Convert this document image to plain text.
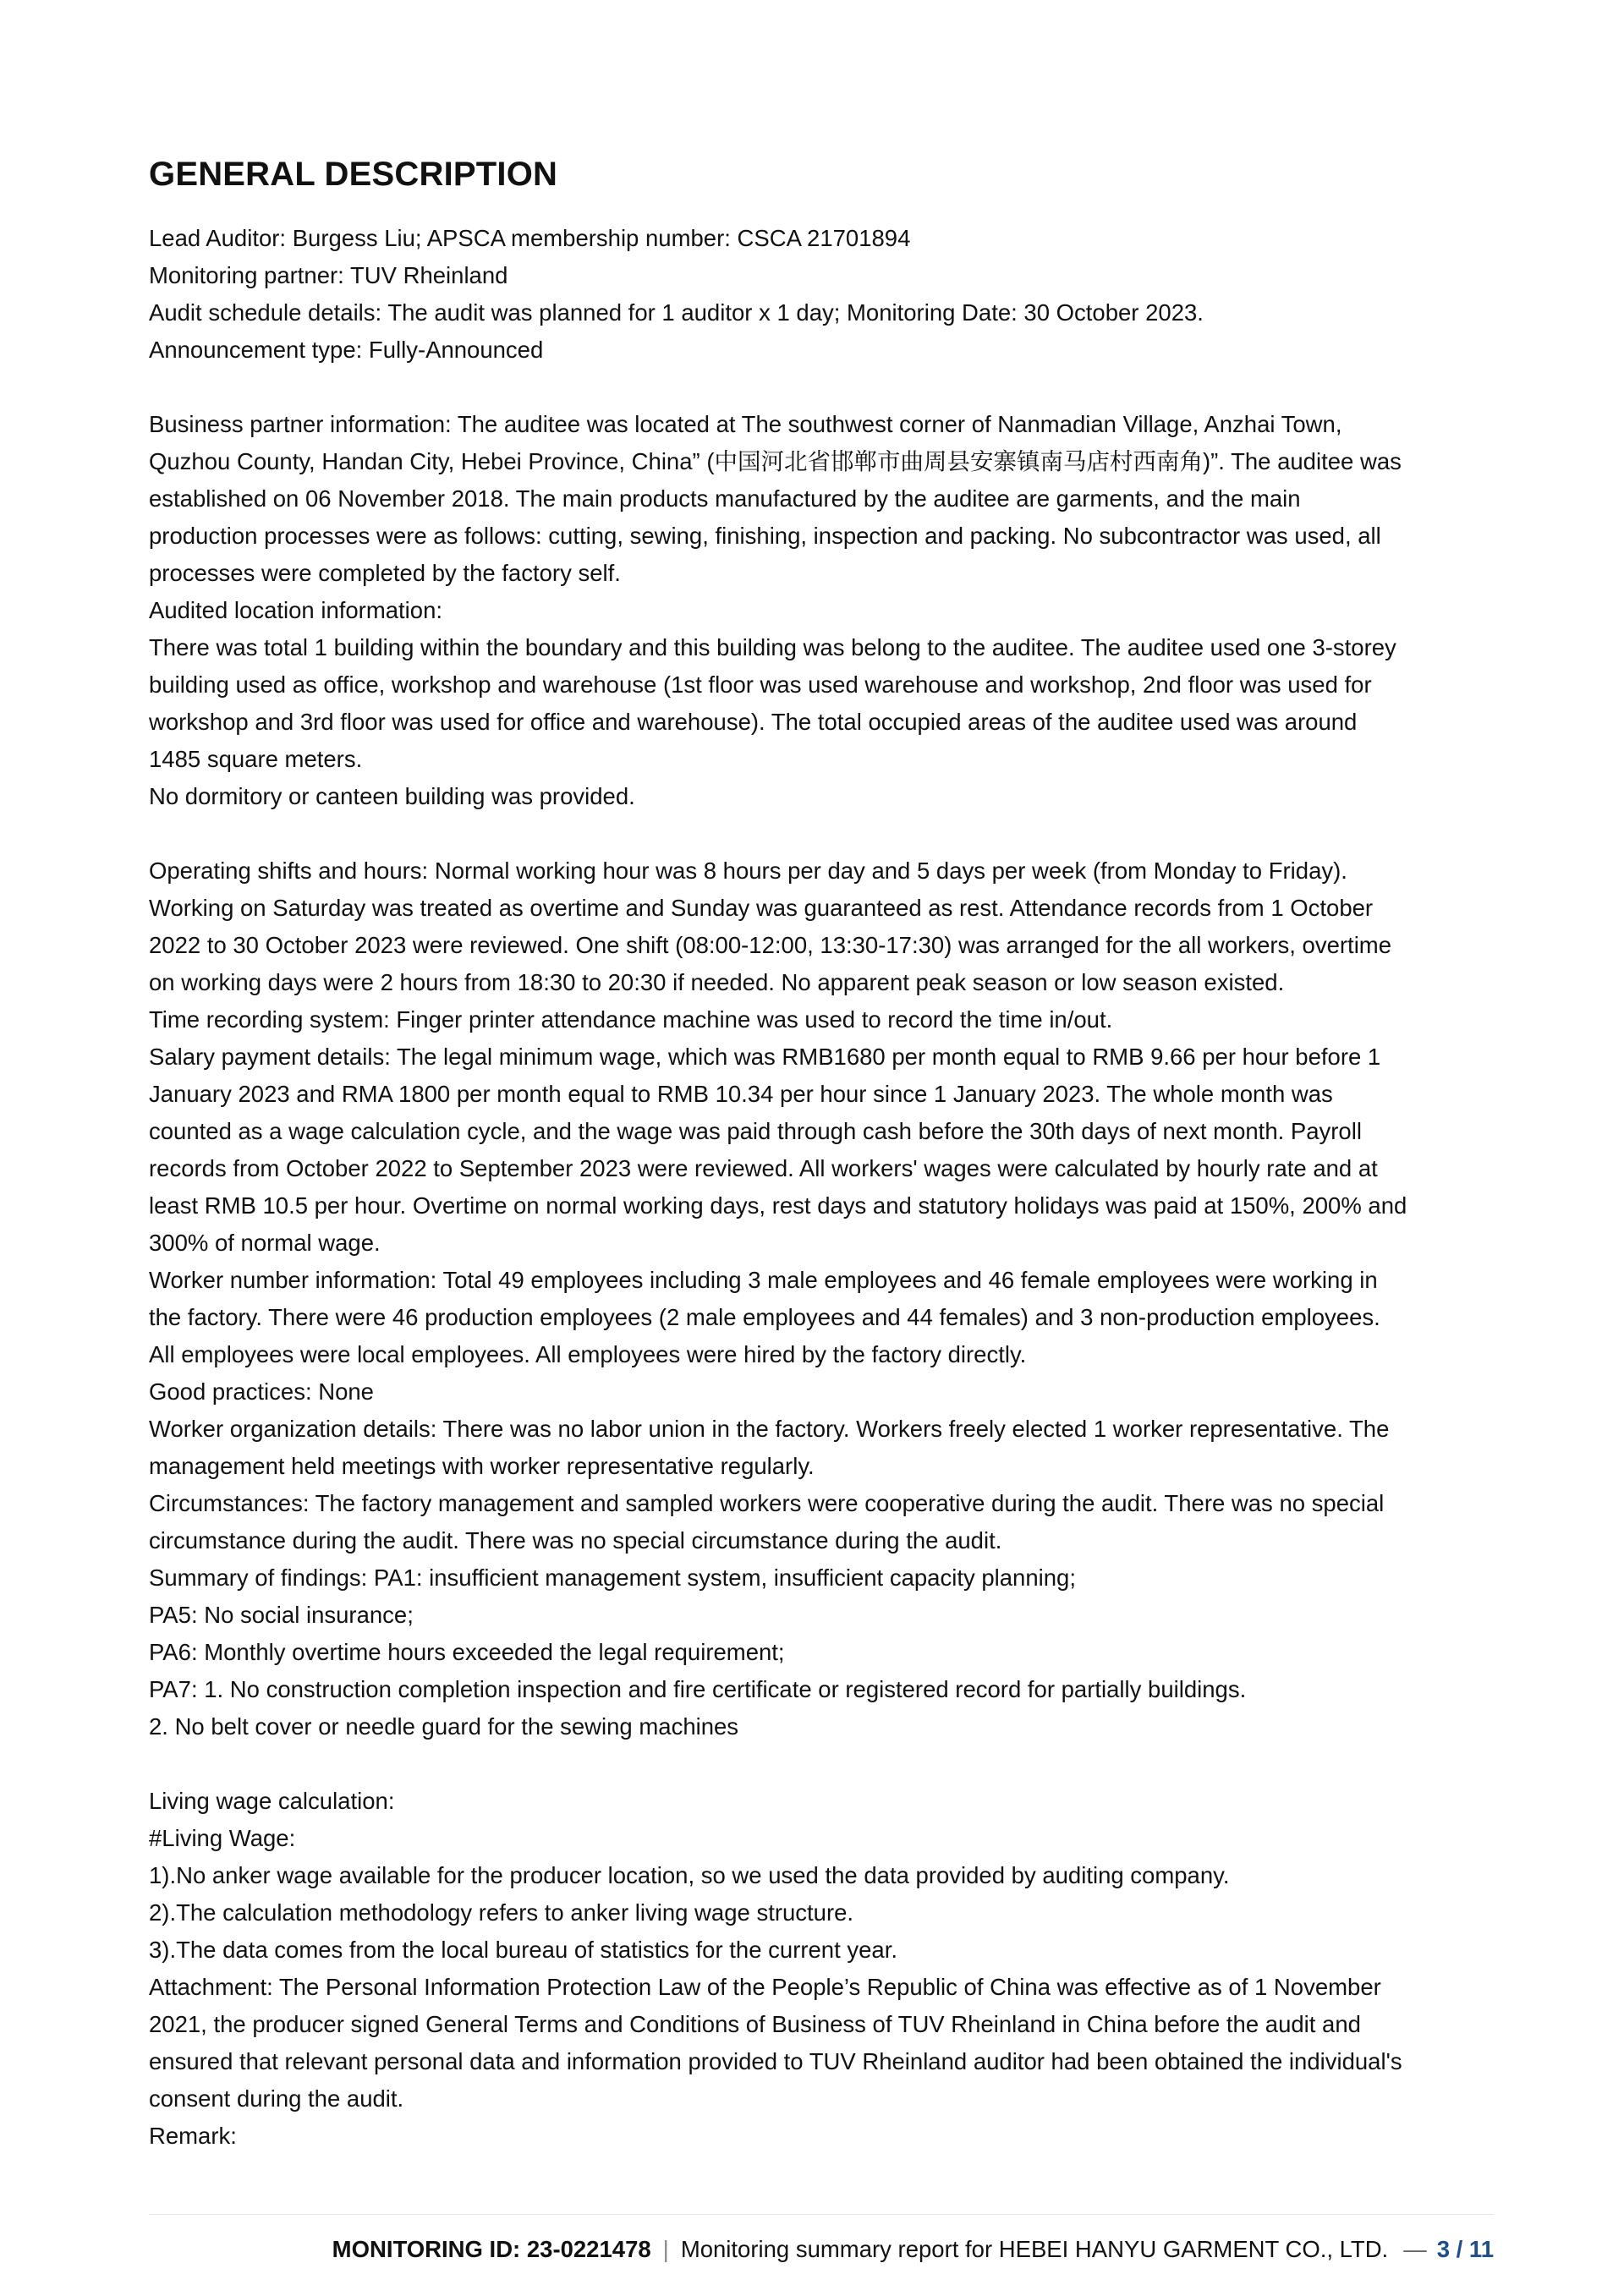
GENERAL DESCRIPTION
Lead Auditor: Burgess Liu; APSCA membership number: CSCA 21701894
Monitoring partner: TUV Rheinland
Audit schedule details: The audit was planned for 1 auditor x 1 day; Monitoring Date: 30 October 2023.
Announcement type: Fully-Announced
Business partner information: The auditee was located at The southwest corner of Nanmadian Village, Anzhai Town,
Quzhou County, Handan City, Hebei Province, China” (中国河北省邯郸市曲周县安寨镇南马店村西南角)”. The auditee was
established on 06 November 2018. The main products manufactured by the auditee are garments, and the main
production processes were as follows: cutting, sewing, finishing, inspection and packing. No subcontractor was used, all
processes were completed by the factory self.
Audited location information:
There was total 1 building within the boundary and this building was belong to the auditee. The auditee used one 3-storey
building used as office, workshop and warehouse (1st floor was used warehouse and workshop, 2nd floor was used for
workshop and 3rd floor was used for office and warehouse). The total occupied areas of the auditee used was around
1485 square meters.
No dormitory or canteen building was provided.
Operating shifts and hours: Normal working hour was 8 hours per day and 5 days per week (from Monday to Friday).
Working on Saturday was treated as overtime and Sunday was guaranteed as rest. Attendance records from 1 October
2022 to 30 October 2023 were reviewed. One shift (08:00-12:00, 13:30-17:30) was arranged for the all workers, overtime
on working days were 2 hours from 18:30 to 20:30 if needed. No apparent peak season or low season existed.
Time recording system: Finger printer attendance machine was used to record the time in/out.
Salary payment details: The legal minimum wage, which was RMB1680 per month equal to RMB 9.66 per hour before 1
January 2023 and RMA 1800 per month equal to RMB 10.34 per hour since 1 January 2023. The whole month was
counted as a wage calculation cycle, and the wage was paid through cash before the 30th days of next month. Payroll
records from October 2022 to September 2023 were reviewed. All workers' wages were calculated by hourly rate and at
least RMB 10.5 per hour. Overtime on normal working days, rest days and statutory holidays was paid at 150%, 200% and
300% of normal wage.
Worker number information: Total 49 employees including 3 male employees and 46 female employees were working in
the factory. There were 46 production employees (2 male employees and 44 females) and 3 non-production employees.
All employees were local employees. All employees were hired by the factory directly.
Good practices: None
Worker organization details: There was no labor union in the factory. Workers freely elected 1 worker representative. The
management held meetings with worker representative regularly.
Circumstances: The factory management and sampled workers were cooperative during the audit. There was no special
circumstance during the audit. There was no special circumstance during the audit.
Summary of findings: PA1: insufficient management system, insufficient capacity planning;
PA5: No social insurance;
PA6: Monthly overtime hours exceeded the legal requirement;
PA7: 1. No construction completion inspection and fire certificate or registered record for partially buildings.
2. No belt cover or needle guard for the sewing machines
Living wage calculation:
#Living Wage:
1).No anker wage available for the producer location, so we used the data provided by auditing company.
2).The calculation methodology refers to anker living wage structure.
3).The data comes from the local bureau of statistics for the current year.
Attachment: The Personal Information Protection Law of the People’s Republic of China was effective as of 1 November
2021, the producer signed General Terms and Conditions of Business of TUV Rheinland in China before the audit and
ensured that relevant personal data and information provided to TUV Rheinland auditor had been obtained the individual's
consent during the audit.
Remark:
MONITORING ID: 23-0221478 | Monitoring summary report for HEBEI HANYU GARMENT CO., LTD. — 3 / 11
